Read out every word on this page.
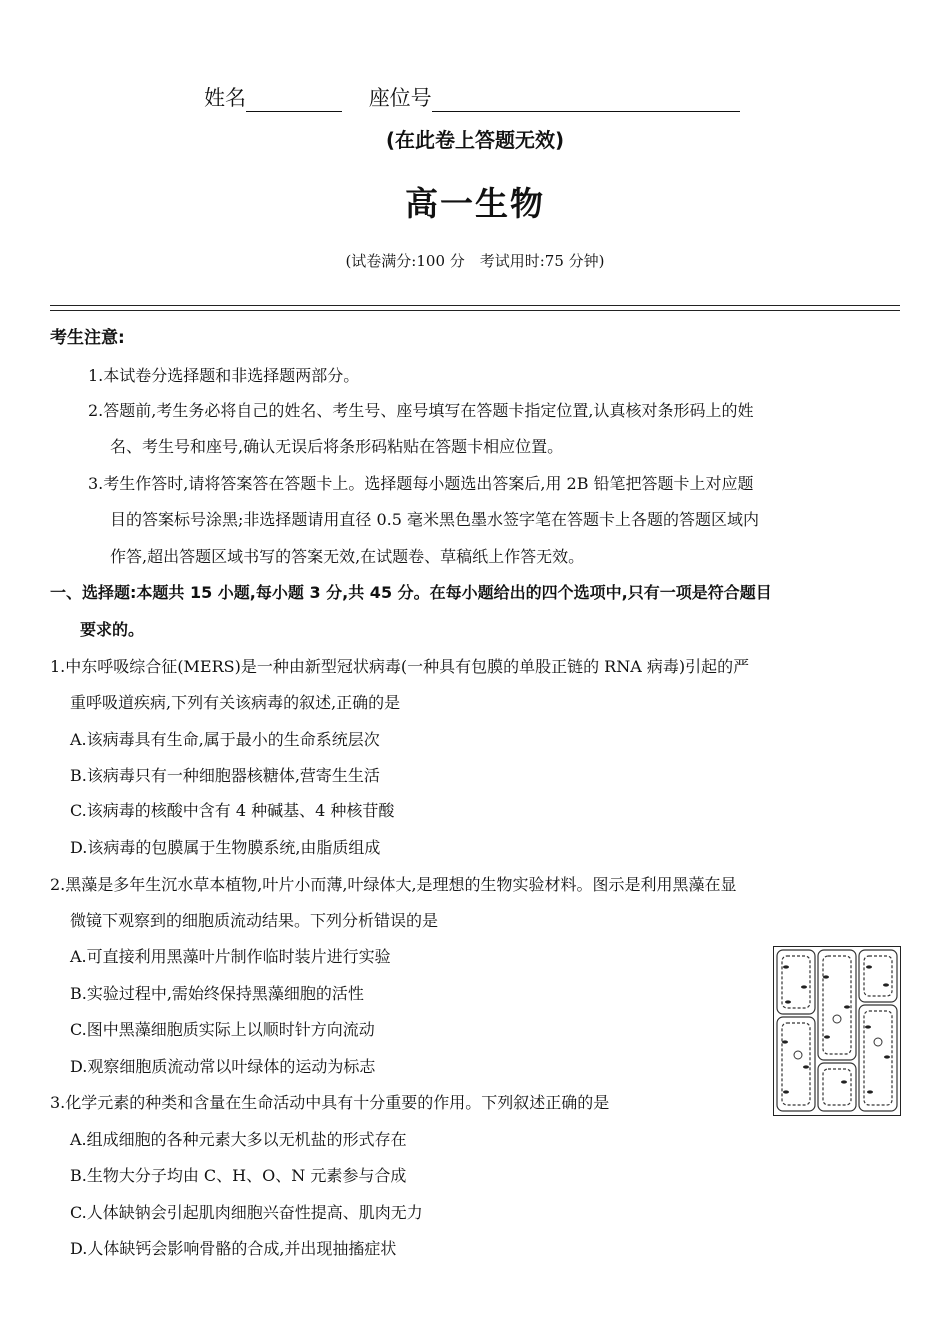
姓名	座位号
(在此卷上答题无效)
高一生物
(试卷满分:100 分　考试用时:75 分钟)
考生注意:
1.本试卷分选择题和非选择题两部分。
2.答题前,考生务必将自己的姓名、考生号、座号填写在答题卡指定位置,认真核对条形码上的姓
名、考生号和座号,确认无误后将条形码粘贴在答题卡相应位置。
3.考生作答时,请将答案答在答题卡上。选择题每小题选出答案后,用 2B 铅笔把答题卡上对应题
目的答案标号涂黑;非选择题请用直径 0.5 毫米黑色墨水签字笔在答题卡上各题的答题区域内
作答,超出答题区域书写的答案无效,在试题卷、草稿纸上作答无效。
一、选择题:本题共 15 小题,每小题 3 分,共 45 分。在每小题给出的四个选项中,只有一项是符合题目
要求的。
1.中东呼吸综合征(MERS)是一种由新型冠状病毒(一种具有包膜的单股正链的 RNA 病毒)引起的严
重呼吸道疾病,下列有关该病毒的叙述,正确的是
A.该病毒具有生命,属于最小的生命系统层次
B.该病毒只有一种细胞器核糖体,营寄生生活
C.该病毒的核酸中含有 4 种碱基、4 种核苷酸
D.该病毒的包膜属于生物膜系统,由脂质组成
2.黑藻是多年生沉水草本植物,叶片小而薄,叶绿体大,是理想的生物实验材料。图示是利用黑藻在显
微镜下观察到的细胞质流动结果。下列分析错误的是
A.可直接利用黑藻叶片制作临时装片进行实验
B.实验过程中,需始终保持黑藻细胞的活性
C.图中黑藻细胞质实际上以顺时针方向流动
D.观察细胞质流动常以叶绿体的运动为标志
3.化学元素的种类和含量在生命活动中具有十分重要的作用。下列叙述正确的是
A.组成细胞的各种元素大多以无机盐的形式存在
B.生物大分子均由 C、H、O、N 元素参与合成
C.人体缺钠会引起肌肉细胞兴奋性提高、肌肉无力
D.人体缺钙会影响骨骼的合成,并出现抽搐症状
